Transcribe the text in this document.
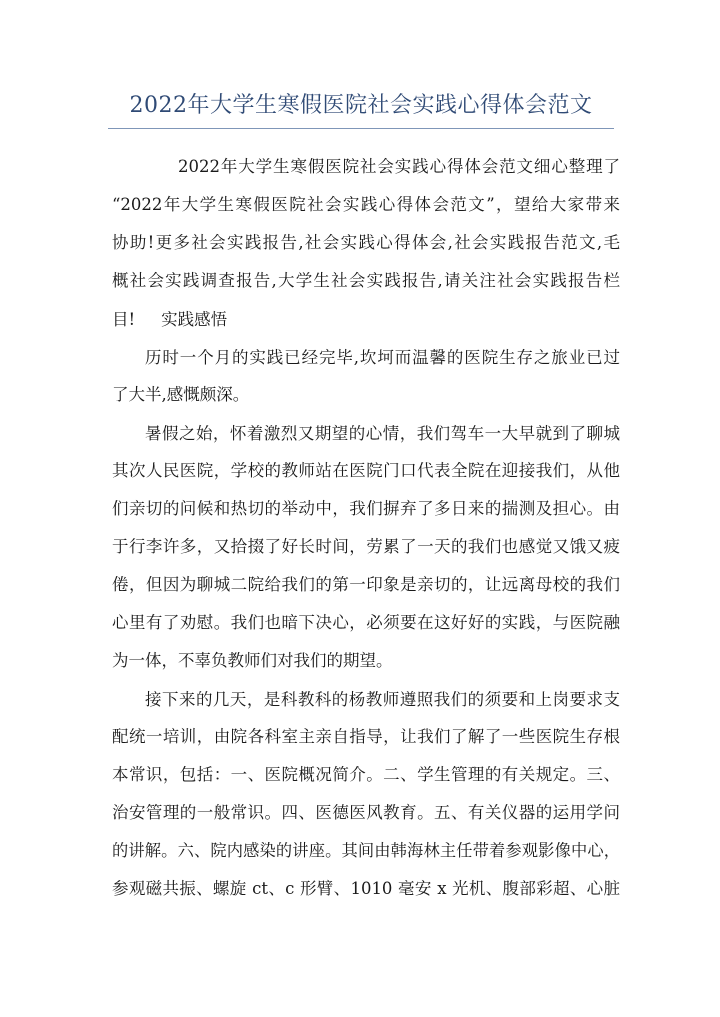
2022年大学生寒假医院社会实践心得体会范文
2022年大学生寒假医院社会实践心得体会范文细心整理了
“2022年大学生寒假医院社会实践心得体会范文”，望给大家带来
协助!更多社会实践报告,社会实践心得体会,社会实践报告范文,毛
概社会实践调查报告,大学生社会实践报告,请关注社会实践报告栏
目! 实践感悟
历时一个月的实践已经完毕,坎坷而温馨的医院生存之旅业已过
了大半,感慨颇深。
暑假之始，怀着激烈又期望的心情，我们驾车一大早就到了聊城
其次人民医院，学校的教师站在医院门口代表全院在迎接我们，从他
们亲切的问候和热切的举动中，我们摒弃了多日来的揣测及担心。由
于行李许多，又拾掇了好长时间，劳累了一天的我们也感觉又饿又疲
倦，但因为聊城二院给我们的第一印象是亲切的，让远离母校的我们
心里有了劝慰。我们也暗下决心，必须要在这好好的实践，与医院融
为一体，不辜负教师们对我们的期望。
接下来的几天，是科教科的杨教师遵照我们的须要和上岗要求支
配统一培训，由院各科室主亲自指导，让我们了解了一些医院生存根
本常识，包括：一、医院概况简介。二、学生管理的有关规定。三、
治安管理的一般常识。四、医德医风教育。五、有关仪器的运用学问
的讲解。六、院内感染的讲座。其间由韩海林主任带着参观影像中心，
参观磁共振、螺旋 ct、c 形臂、1010 毫安 x 光机、腹部彩超、心脏
